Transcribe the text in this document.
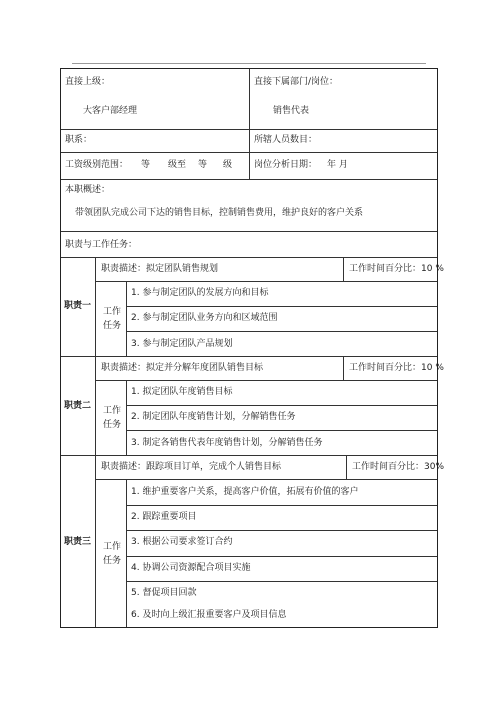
直接上级：
大客户部经理
直接下属部门/岗位：
销售代表
职系：	所辖人员数目：
工资级别范围： 等 级至 等 级 岗位分析日期： 年 月
本职概述：
带领团队完成公司下达的销售目标，控制销售费用，维护良好的客户关系
职责与工作任务：
职责一
职责描述：拟定团队销售规划	工作时间百分比：10 %
工作
任务
1. 参与制定团队的发展方向和目标
2. 参与制定团队业务方向和区域范围
3. 参与制定团队产品规划
职责二
职责描述：拟定并分解年度团队销售目标	工作时间百分比：10 %
工作
任务
1. 拟定团队年度销售目标
2. 制定团队年度销售计划，分解销售任务
3. 制定各销售代表年度销售计划，分解销售任务
职责三
职责描述：跟踪项目订单，完成个人销售目标	工作时间百分比：30%
工作
任务
1. 维护重要客户关系，提高客户价值，拓展有价值的客户
2. 跟踪重要项目
3. 根据公司要求签订合约
4. 协调公司资源配合项目实施
5. 督促项目回款
6. 及时向上级汇报重要客户及项目信息
